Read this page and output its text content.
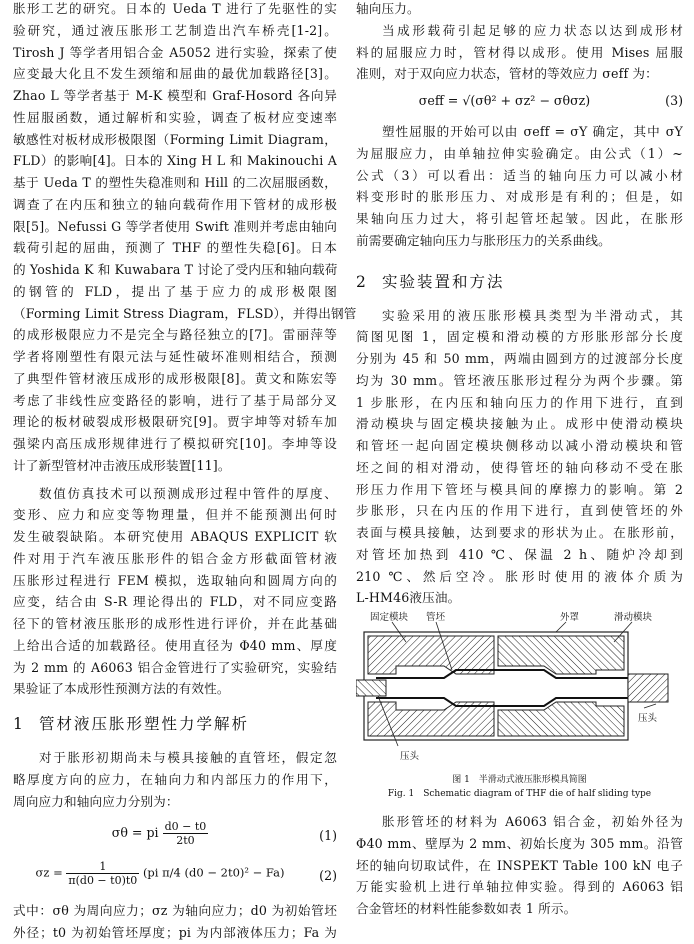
胀形工艺的研究。日本的 Ueda T 进行了先驱性的实
验研究，通过液压胀形工艺制造出汽车桥壳[1-2]。
Tirosh J 等学者用铝合金 A5052 进行实验，探索了使
应变最大化且不发生颈缩和屈曲的最优加载路径[3]。
Zhao L 等学者基于 M-K 模型和 Graf-Hosord 各向异
性屈服函数，通过解析和实验，调查了板材应变速率
敏感性对板材成形极限图（Forming Limit Diagram，
FLD）的影响[4]。日本的 Xing H L 和 Makinouchi A
基于 Ueda T 的塑性失稳准则和 Hill 的二次屈服函数，
调查了在内压和独立的轴向载荷作用下管材的成形极
限[5]。Nefussi G 等学者使用 Swift 准则并考虑由轴向
载荷引起的屈曲，预测了 THF 的塑性失稳[6]。日本
的 Yoshida K 和 Kuwabara T 讨论了受内压和轴向载荷
的钢管的 FLD，提出了基于应力的成形极限图
（Forming Limit Stress Diagram，FLSD），并得出钢管
的成形极限应力不是完全与路径独立的[7]。雷丽萍等
学者将刚塑性有限元法与延性破坏准则相结合，预测
了典型件管材液压成形的成形极限[8]。黄文和陈宏等
考虑了非线性应变路径的影响，进行了基于局部分叉
理论的板材破裂成形极限研究[9]。贾宇坤等对轿车加
强梁内高压成形规律进行了模拟研究[10]。李坤等设
计了新型管材冲击液压成形装置[11]。
数值仿真技术可以预测成形过程中管件的厚度、
变形、应力和应变等物理量，但并不能预测出何时
发生破裂缺陷。本研究使用 ABAQUS EXPLICIT 软
件对用于汽车液压胀形件的铝合金方形截面管材液
压胀形过程进行 FEM 模拟，选取轴向和圆周方向的
应变，结合由 S-R 理论得出的 FLD，对不同应变路
径下的管材液压胀形的成形性进行评价，并在此基础
上给出合适的加载路径。使用直径为 Φ40 mm、厚度
为 2 mm 的 A6063 铝合金管进行了实验研究，实验结
果验证了本成形性预测方法的有效性。
1 管材液压胀形塑性力学解析
对于胀形初期尚未与模具接触的直管坯，假定忽
略厚度方向的应力，在轴向力和内部压力的作用下，
周向应力和轴向应力分别为：
σθ = pi $\frac{d0 - t0}{2t0}$	(1)
$\sigma z = \frac{1}{\pi(d0 - t0)t0} (pi$ π/4 (d0 − 2t0)² − Fa)	(2)
式中：σθ 为周向应力；σz 为轴向应力；d0 为初始管坯
外径；t0 为初始管坯厚度；pi 为内部液体压力；Fa 为
轴向压力。
当成形载荷引起足够的应力状态以达到成形材
料的屈服应力时，管材得以成形。使用 Mises 屈服
准则，对于双向应力状态，管材的等效应力 σeff 为：
σeff = √(σθ² + σz² − σθσz)	(3)
塑性屈服的开始可以由 σeff = σY 确定，其中 σY
为屈服应力，由单轴拉伸实验确定。由公式（1）~
公式（3）可以看出：适当的轴向压力可以减小材
料变形时的胀形压力、对成形是有利的；但是，如
果轴向压力过大，将引起管坯起皱。因此，在胀形
前需要确定轴向压力与胀形压力的关系曲线。
2 实验装置和方法
实验采用的液压胀形模具类型为半滑动式，其
简图见图 1，固定模和滑动模的方形胀形部分长度
分别为 45 和 50 mm，两端由圆到方的过渡部分长度
均为 30 mm。管坯液压胀形过程分为两个步骤。第
1 步胀形，在内压和轴向压力的作用下进行，直到
滑动模块与固定模块接触为止。成形中使滑动模块
和管坯一起向固定模块侧移动以减小滑动模块和管
坯之间的相对滑动，使得管坯的轴向移动不受在胀
形压力作用下管坯与模具间的摩擦力的影响。第 2
步胀形，只在内压的作用下进行，直到使管坯的外
表面与模具接触，达到要求的形状为止。在胀形前，
对管坯加热到 410 ℃、保温 2 h、随炉冷却到
210 ℃、然后空冷。胀形时使用的液体介质为
L-HM46液压油。
固定模块 管坯	外罩	滑动模块
压头
压头
图 1　半滑动式液压胀形模具简图
Fig. 1　Schematic diagram of THF die of half sliding type
胀形管坯的材料为 A6063 铝合金，初始外径为
Φ40 mm、壁厚为 2 mm、初始长度为 305 mm。沿管
坯的轴向切取试件，在 INSPEKT Table 100 kN 电子
万能实验机上进行单轴拉伸实验。得到的 A6063 铝
合金管坯的材料性能参数如表 1 所示。
